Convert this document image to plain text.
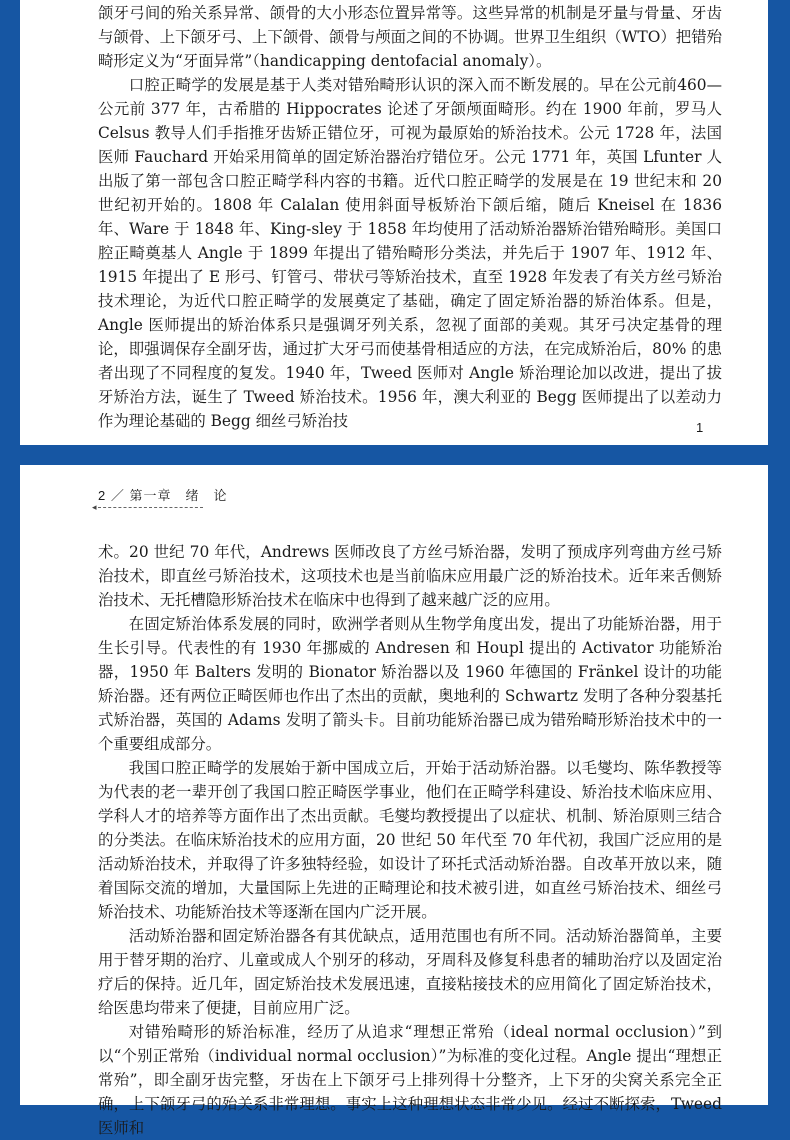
颌牙弓间的殆关系异常、颌骨的大小形态位置异常等。这些异常的机制是牙量与骨量、牙齿与颌骨、上下颌牙弓、上下颌骨、颌骨与颅面之间的不协调。世界卫生组织（WTO）把错殆畸形定义为“牙面异常”（handicapping dentofacial anomaly）。

口腔正畸学的发展是基于人类对错殆畸形认识的深入而不断发展的。早在公元前460—公元前 377 年，古希腊的 Hippocrates 论述了牙颌颅面畸形。约在 1900 年前，罗马人 Celsus 教导人们手指推牙齿矫正错位牙，可视为最原始的矫治技术。公元 1728 年，法国医师 Fauchard 开始采用简单的固定矫治器治疗错位牙。公元 1771 年，英国 Lfunter 人出版了第一部包含口腔正畸学科内容的书籍。近代口腔正畸学的发展是在 19 世纪末和 20 世纪初开始的。1808 年 Calalan 使用斜面导板矫治下颌后缩，随后 Kneisel 在 1836 年、Ware 于 1848 年、King-sley 于 1858 年均使用了活动矫治器矫治错殆畸形。美国口腔正畸奠基人 Angle 于 1899 年提出了错殆畸形分类法，并先后于 1907 年、1912 年、1915 年提出了 E 形弓、钉管弓、带状弓等矫治技术，直至 1928 年发表了有关方丝弓矫治技术理论，为近代口腔正畸学的发展奠定了基础，确定了固定矫治器的矫治体系。但是，Angle 医师提出的矫治体系只是强调牙列关系，忽视了面部的美观。其牙弓决定基骨的理论，即强调保存全副牙齿，通过扩大牙弓而使基骨相适应的方法，在完成矫治后，80% 的患者出现了不同程度的复发。1940 年，Tweed 医师对 Angle 矫治理论加以改进，提出了拔牙矫治方法，诞生了 Tweed 矫治技术。1956 年，澳大利亚的 Begg 医师提出了以差动力作为理论基础的 Begg 细丝弓矫治技	1
2 ／ 第一章　绪　论
◂

术。20 世纪 70 年代，Andrews 医师改良了方丝弓矫治器，发明了预成序列弯曲方丝弓矫治技术，即直丝弓矫治技术，这项技术也是当前临床应用最广泛的矫治技术。近年来舌侧矫治技术、无托槽隐形矫治技术在临床中也得到了越来越广泛的应用。

在固定矫治体系发展的同时，欧洲学者则从生物学角度出发，提出了功能矫治器，用于生长引导。代表性的有 1930 年挪威的 Andresen 和 Houpl 提出的 Activator 功能矫治器，1950 年 Balters 发明的 Bionator 矫治器以及 1960 年德国的 Fränkel 设计的功能矫治器。还有两位正畸医师也作出了杰出的贡献，奥地利的 Schwartz 发明了各种分裂基托式矫治器，英国的 Adams 发明了箭头卡。目前功能矫治器已成为错殆畸形矫治技术中的一个重要组成部分。

我国口腔正畸学的发展始于新中国成立后，开始于活动矫治器。以毛燮均、陈华教授等为代表的老一辈开创了我国口腔正畸医学事业，他们在正畸学科建设、矫治技术临床应用、学科人才的培养等方面作出了杰出贡献。毛燮均教授提出了以症状、机制、矫治原则三结合的分类法。在临床矫治技术的应用方面，20 世纪 50 年代至 70 年代初，我国广泛应用的是活动矫治技术，并取得了许多独特经验，如设计了环托式活动矫治器。自改革开放以来，随着国际交流的增加，大量国际上先进的正畸理论和技术被引进，如直丝弓矫治技术、细丝弓矫治技术、功能矫治技术等逐渐在国内广泛开展。

活动矫治器和固定矫治器各有其优缺点，适用范围也有所不同。活动矫治器简单，主要用于替牙期的治疗、儿童或成人个别牙的移动，牙周科及修复科患者的辅助治疗以及固定治疗后的保持。近几年，固定矫治技术发展迅速，直接粘接技术的应用简化了固定矫治技术，给医患均带来了便捷，目前应用广泛。

对错殆畸形的矫治标准，经历了从追求“理想正常殆（ideal normal occlusion）”到以“个别正常殆（individual normal occlusion）”为标准的变化过程。Angle 提出“理想正常殆”，即全副牙齿完整，牙齿在上下颌牙弓上排列得十分整齐，上下牙的尖窝关系完全正确，上下颌牙弓的殆关系非常理想。事实上这种理想状态非常少见。经过不断探索，Tweed 医师和
